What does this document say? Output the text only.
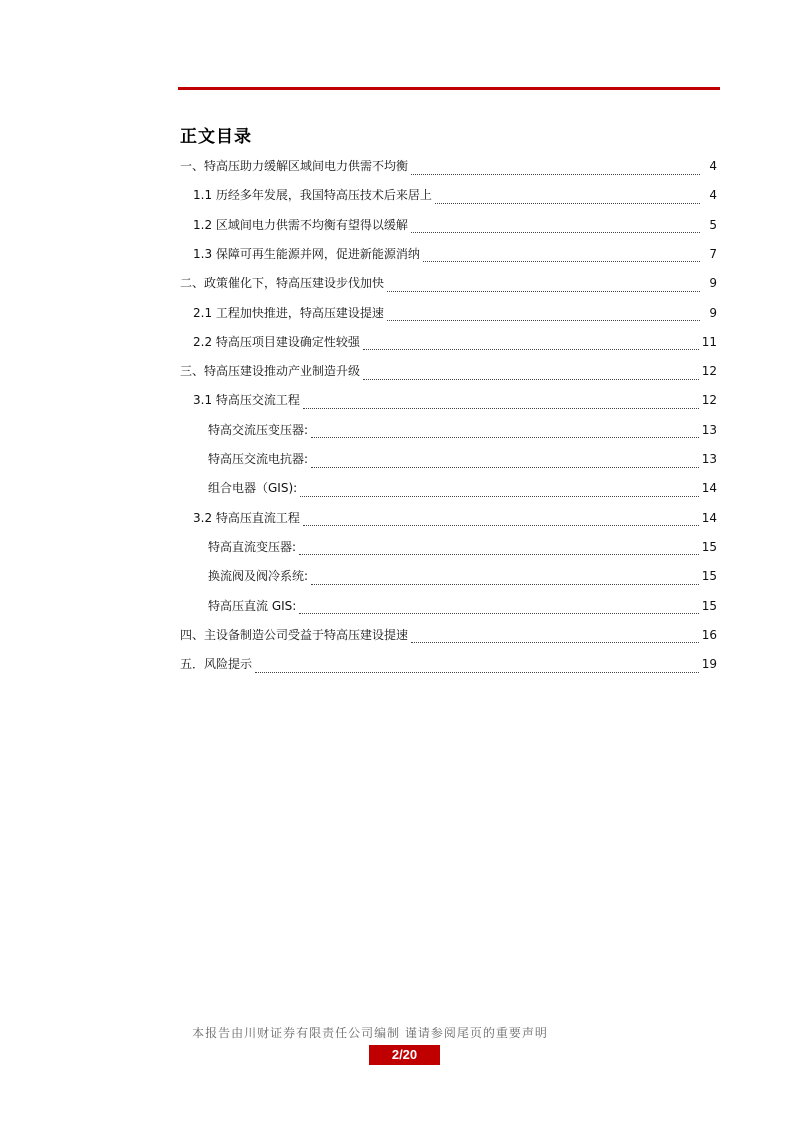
正文目录
一、特高压助力缓解区域间电力供需不均衡	4
1.1 历经多年发展，我国特高压技术后来居上	4
1.2 区域间电力供需不均衡有望得以缓解	5
1.3 保障可再生能源并网，促进新能源消纳	7
二、政策催化下，特高压建设步伐加快	9
2.1 工程加快推进，特高压建设提速	9
2.2 特高压项目建设确定性较强	11
三、特高压建设推动产业制造升级	12
3.1 特高压交流工程	12
特高交流压变压器:	13
特高压交流电抗器:	13
组合电器（GIS):	14
3.2 特高压直流工程	14
特高直流变压器:	15
换流阀及阀冷系统:	15
特高压直流 GIS:	15
四、主设备制造公司受益于特高压建设提速	16
五．风险提示	19
本报告由川财证券有限责任公司编制 谨请参阅尾页的重要声明
2/20
